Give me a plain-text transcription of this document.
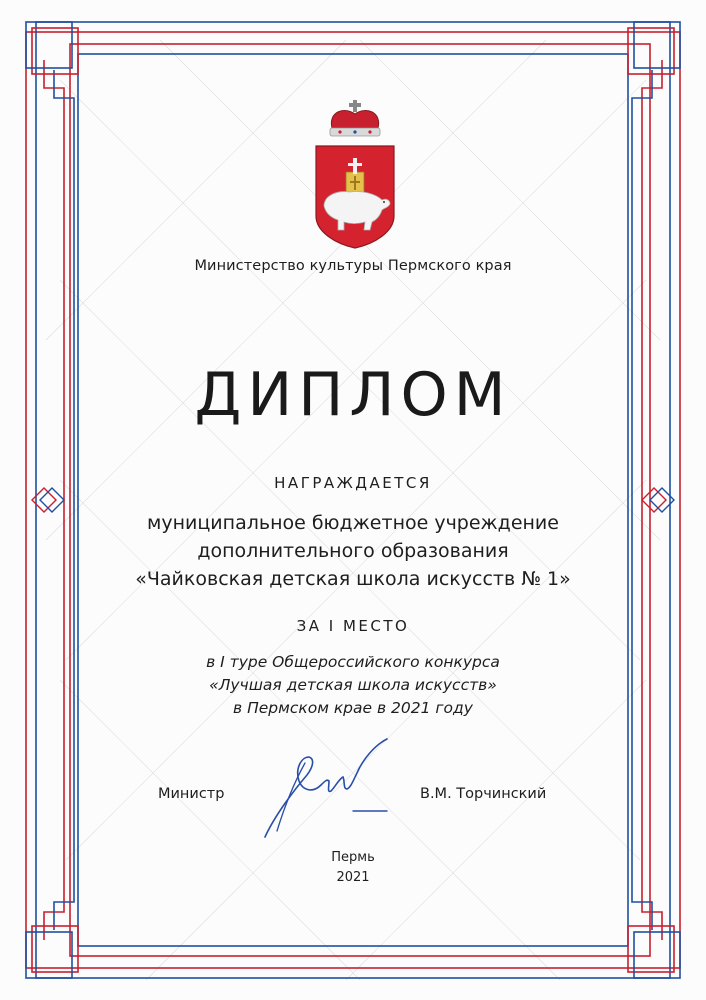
Министерство культуры Пермского края
ДИПЛОМ
НАГРАЖДАЕТСЯ
муниципальное бюджетное учреждение
дополнительного образования
«Чайковская детская школа искусств № 1»
ЗА I МЕСТО
в I туре Общероссийского конкурса
«Лучшая детская школа искусств»
в Пермском крае в 2021 году
Министр	В.М. Торчинский
Пермь
2021
